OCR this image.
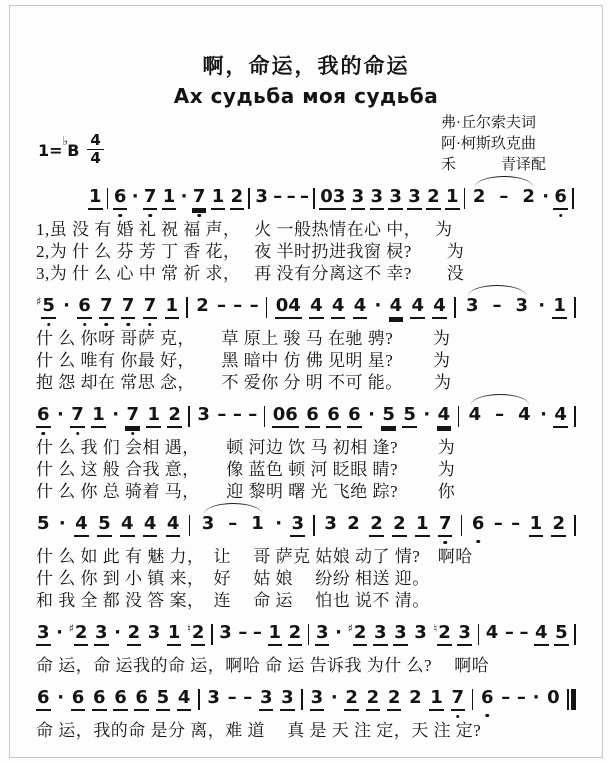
啊，命运，我的命运
Ах судьба моя судьба
$1=^♭B \frac{4}{4}$
弗·丘尔索夫词
阿·柯斯玖克曲
禾　　　青译配
1 6 · 7 1 · 7 1 2 3 – – – 03 3 3 3 3 2 1 2 – 2 · 6
1,虽 没 有 婚 礼 祝 福 声，　 火 一般热情在心 中，　 为
2,为 什 么 芬 芳 丁 香 花，　 夜 半时扔进我窗 棂?　　为
3,为 什 么 心 中 常 祈 求，　 再 没有分离这不 幸?　　没
♯ 5 · 6 7 7 7 1 2 – – – 04 4 4 4 · 4 4 4 3 – 3 · 1
什 么 你呀 哥萨 克，　　草 原上 骏 马 在驰 骋?　　 为
什 么 唯有 你最 好，　　黑 暗中 仿 佛 见明 星?　　 为
抱 怨 却在 常思 念，　　不 爱你 分 明 不可 能。　　 为
6 · 7 1 · 7 1 2 3 – – – 06 6 6 6 · 5 5 · 4 4 – 4 · 4
什 么 我 们 会相 遇，　　顿 河边 饮 马 初相 逢?　　 为
什 么 这 般 合我 意，　　像 蓝色 顿 河 眨眼 睛?　　 为
什 么 你 总 骑着 马，　　迎 黎明 曙 光 飞绝 踪?　　 你
5 · 4 5 4 4 4 3 – 1 · 3 3 2 2 2 1 7 6 – – 1 2
什 么 如 此 有 魅 力，　让　 哥 萨克 姑娘 动了 情?　啊哈
什 么 你 到 小 镇 来，　好　 姑 娘　 纷纷 相送 迎。
和 我 全 都 没 答 案，　连　 命 运　 怕也 说不 清。
3 · ♯ 2 3 · 2 3 1 ♮ 2 3 – – 1 2 3 · ♯ 2 3 3 3 ♮ 2 3 4 – – 4 5
命 运，命 运我的命 运，啊哈 命 运 告诉我 为什 么?　 啊哈
6 · 6 6 6 6 5 4 3 – – 3 3 3 · 2 2 2 2 1 7 6 – – · 0
命 运，我的命 是分 离，难 道　 真 是 天 注 定，天 注 定?
